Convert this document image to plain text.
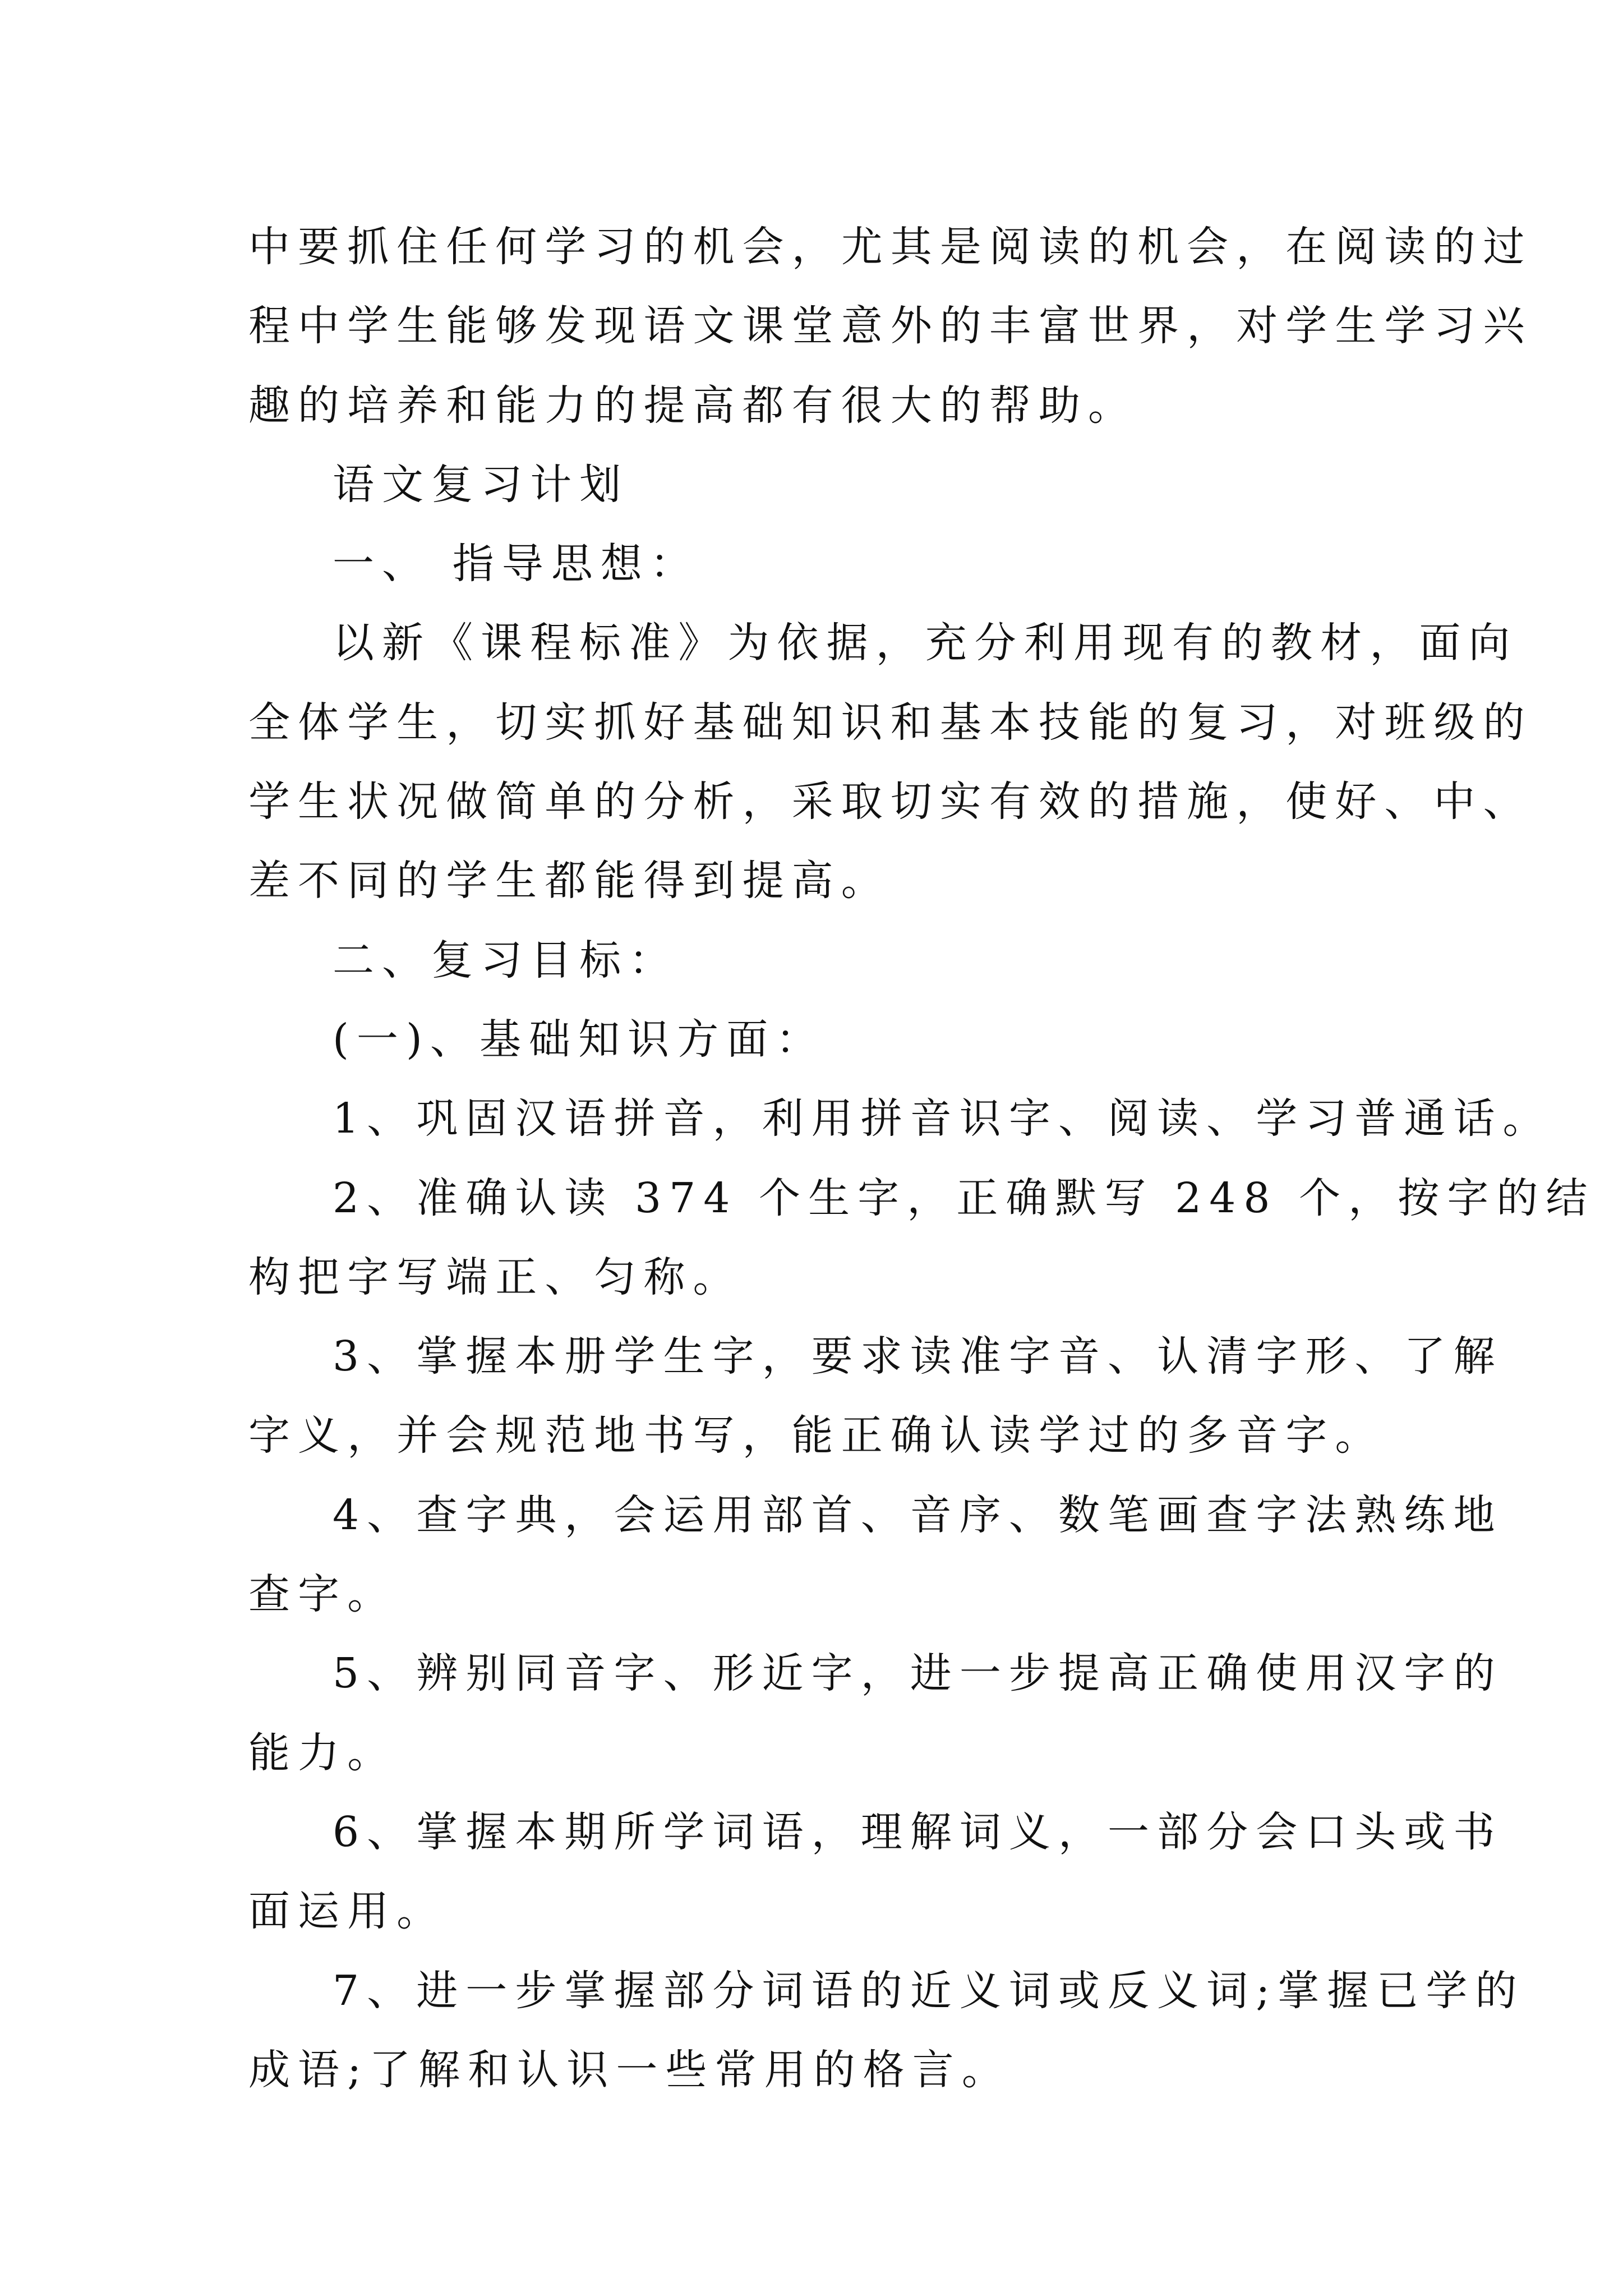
中要抓住任何学习的机会，尤其是阅读的机会，在阅读的过
程中学生能够发现语文课堂意外的丰富世界，对学生学习兴
趣的培养和能力的提高都有很大的帮助。
语文复习计划
一、 指导思想：
以新《课程标准》为依据，充分利用现有的教材，面向
全体学生，切实抓好基础知识和基本技能的复习，对班级的
学生状况做简单的分析，采取切实有效的措施，使好、中、
差不同的学生都能得到提高。
二、复习目标：
(一)、基础知识方面：
1、巩固汉语拼音，利用拼音识字、阅读、学习普通话。
2、准确认读 374 个生字，正确默写 248 个，按字的结
构把字写端正、匀称。
3、掌握本册学生字，要求读准字音、认清字形、了解
字义，并会规范地书写，能正确认读学过的多音字。
4、查字典，会运用部首、音序、数笔画查字法熟练地
查字。
5、辨别同音字、形近字，进一步提高正确使用汉字的
能力。
6、掌握本期所学词语，理解词义，一部分会口头或书
面运用。
7、进一步掌握部分词语的近义词或反义词;掌握已学的
成语;了解和认识一些常用的格言。
